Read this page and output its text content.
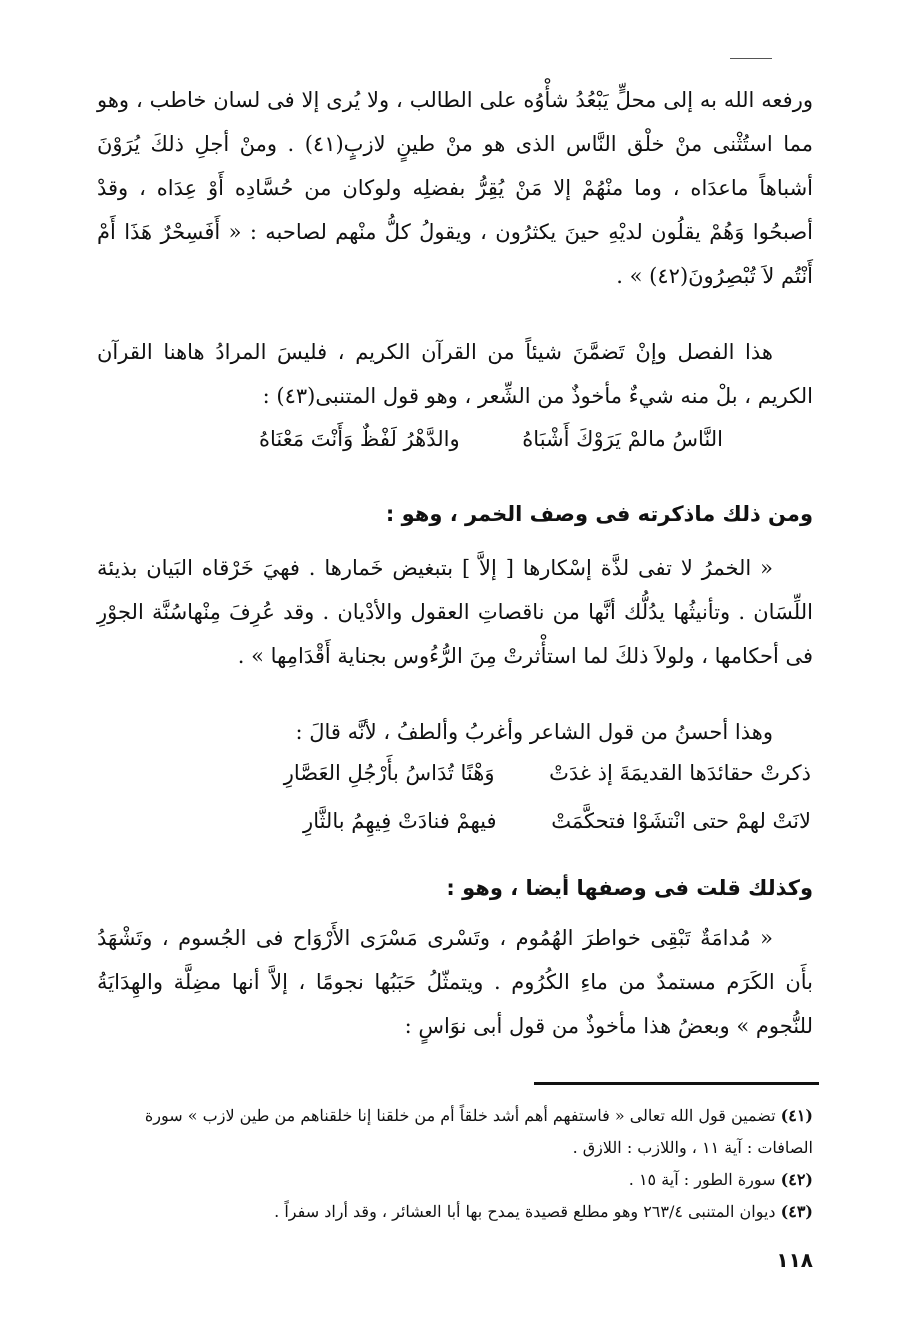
ورفعه الله به إلى محلٍّ يَبْعُدُ شأْوُه على الطالب ، ولا يُرى إلا فى لسان خاطب ، وهو مما استُثْنى منْ خلْق النَّاس الذى هو منْ طينٍ لازبٍ(٤١) . ومنْ أجلِ ذلكَ يُرَوْنَ أشباهاً ماعدَاه ، وما منْهُمْ إلا مَنْ يُقِرُّ بفضلِه ولوكان من حُسَّادِه أَوْ عِدَاه ، وقدْ أصبحُوا وَهُمْ يقلُون لديْهِ حينَ يكثرُون ، ويقولُ كلُّ منْهم لصاحبه : « أَفَسِحْرٌ هَذَا أَمْ أَنْتُم لاَ تُبْصِرُونَ(٤٢) » .

هذا الفصل وإنْ تَضمَّنَ شيئاً من القرآن الكريم ، فليسَ المرادُ هاهنا القرآن الكريم ، بلْ منه شيءٌ مأخوذٌ من الشِّعر ، وهو قول المتنبى(٤٣) :

النَّاسُ مالمْ يَرَوْكَ أَشْبَاهُ والدَّهْرُ لَفْظٌ وَأَنْتَ مَعْنَاهُ
ومن ذلك ماذكرته فى وصف الخمر ، وهو :

« الخمرُ لا تفى لذَّة إسْكارها [ إلاَّ ] بتبغيض خَمارها . فهيَ خَرْقاه البَيان بذيئة اللِّسَان . وتأنيثُها يدُلُّك أنَّها من ناقصاتِ العقول والأدْيان . وقد عُرِفَ مِنْهاسُنَّة الجوْرِ فى أحكامها ، ولولاَ ذلكَ لما استأْثرتْ مِنَ الرُّءُوس بجناية أَقْدَامِها » .

وهذا أحسنُ من قول الشاعر وأغربُ وألطفُ ، لأنَّه قالَ :

ذكرتْ حقائدَها القديمَةَ إذ غدَتْ وَهْنًا تُدَاسُ بأَرْجُلِ العَصَّارِ
لانَتْ لهمْ حتى انْتشَوْا فتحكَّمَتْ فيهمْ فنادَتْ فِيهِمُ بالثَّارِ
وكذلك قلت فى وصفها أيضا ، وهو :

« مُدامَةٌ تَبْقِى خواطرَ الهُمُوم ، وتَسْرى مَسْرَى الأَرْوَاح فى الجُسوم ، وتَشْهَدُ بأَن الكَرَم مستمدٌ من ماءِ الكُرُوم . ويتمثّلُ حَبَبُها نجومًا ، إلاَّ أنها مضِلَّة والهِدَايَةُ للنُّجوم » وبعضُ هذا مأخوذٌ من قول أبى نوَاسٍ :

(٤١) تضمين قول الله تعالى « فاستفهم أهم أشد خلقاً أم من خلقنا إنا خلقناهم من طين لازب » سورة الصافات : آية ١١ ، واللازب : اللازق .

(٤٢) سورة الطور : آية ١٥ .

(٤٣) ديوان المتنبى ٢٦٣/٤ وهو مطلع قصيدة يمدح بها أبا العشائر ، وقد أراد سفراً .

١١٨
